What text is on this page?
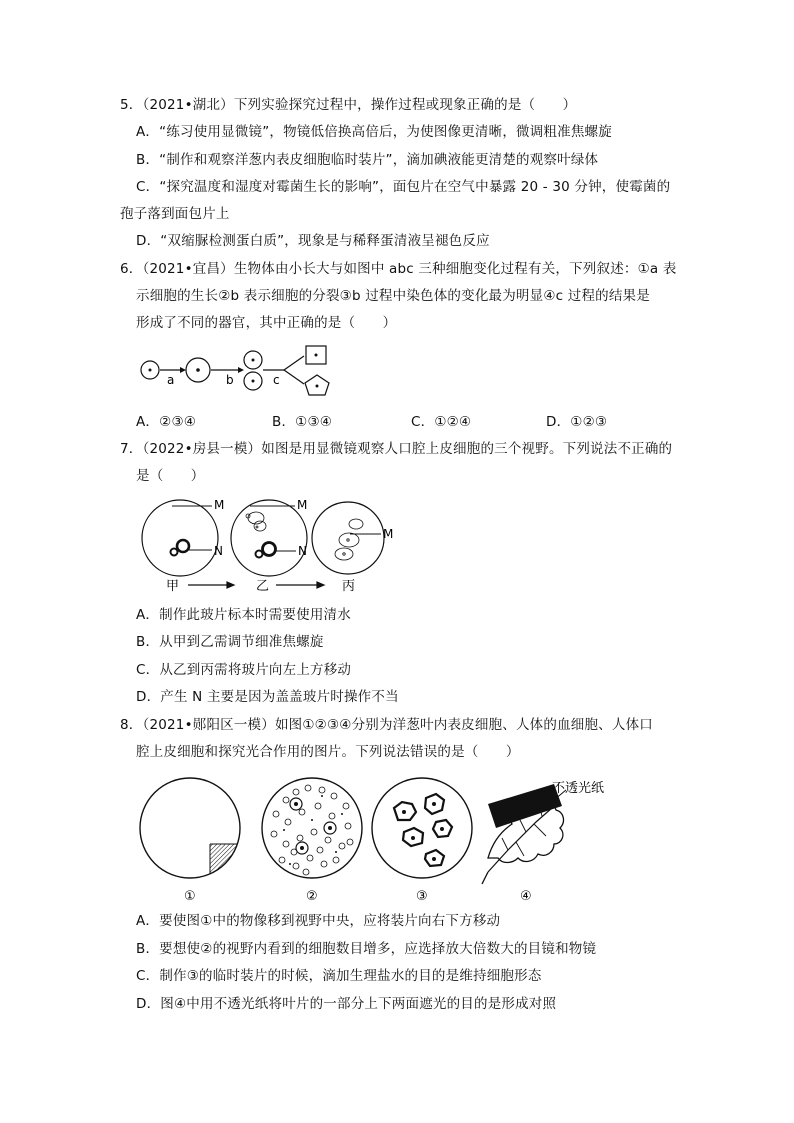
5．（2021•湖北）下列实验探究过程中，操作过程或现象正确的是（　　）
A．“练习使用显微镜”，物镜低倍换高倍后，为使图像更清晰，微调粗准焦螺旋
B．“制作和观察洋葱内表皮细胞临时装片”，滴加碘液能更清楚的观察叶绿体
C．“探究温度和湿度对霉菌生长的影响”，面包片在空气中暴露 20 - 30 分钟，使霉菌的
孢子落到面包片上
D．“双缩脲检测蛋白质”，现象是与稀释蛋清液呈褪色反应
6．（2021•宜昌）生物体由小长大与如图中 abc 三种细胞变化过程有关，下列叙述：①a 表
示细胞的生长②b 表示细胞的分裂③b 过程中染色体的变化最为明显④c 过程的结果是
形成了不同的器官，其中正确的是（　　）
a	b	c
A．②③④	B．①③④	C．①②④	D．①②③
7．（2022•房县一模）如图是用显微镜观察人口腔上皮细胞的三个视野。下列说法不正确的
是（　　）
M
N
M
N
M
甲	乙	丙
A．制作此玻片标本时需要使用清水
B．从甲到乙需调节细准焦螺旋
C．从乙到丙需将玻片向左上方移动
D．产生 N 主要是因为盖盖玻片时操作不当
8．（2021•郧阳区一模）如图①②③④分别为洋葱叶内表皮细胞、人体的血细胞、人体口
腔上皮细胞和探究光合作用的图片。下列说法错误的是（　　）
不透光纸
①	②	③	④
A．要使图①中的物像移到视野中央，应将装片向右下方移动
B．要想使②的视野内看到的细胞数目增多，应选择放大倍数大的目镜和物镜
C．制作③的临时装片的时候，滴加生理盐水的目的是维持细胞形态
D．图④中用不透光纸将叶片的一部分上下两面遮光的目的是形成对照
